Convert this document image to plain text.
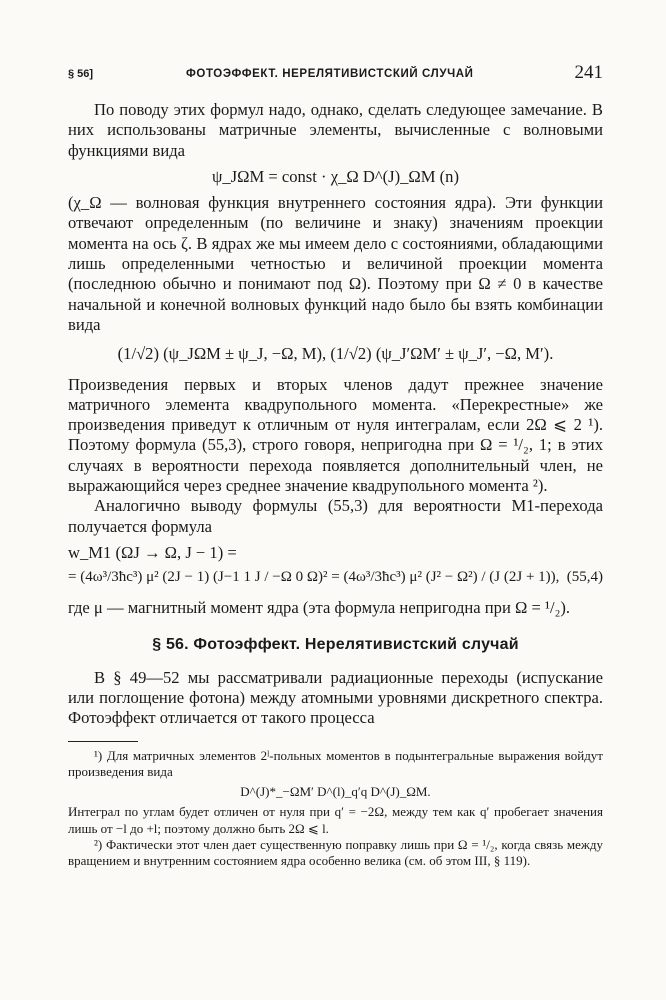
§ 56]	ФОТОЭФФЕКТ. НЕРЕЛЯТИВИСТСКИЙ СЛУЧАЙ	241

По поводу этих формул надо, однако, сделать следующее замечание. В них использованы матричные элементы, вычисленные с волновыми функциями вида

ψ_JΩM = const · χ_Ω D^(J)_ΩM (n)

(χ_Ω — волновая функция внутреннего состояния ядра). Эти функции отвечают определенным (по величине и знаку) значениям проекции момента на ось ζ. В ядрах же мы имеем дело с состояниями, обладающими лишь определенными четностью и величиной проекции момента (последнюю обычно и понимают под Ω). Поэтому при Ω ≠ 0 в качестве начальной и конечной волновых функций надо было бы взять комбинации вида

(1/√2) (ψ_JΩM ± ψ_J, −Ω, M), (1/√2) (ψ_J′ΩM′ ± ψ_J′, −Ω, M′).

Произведения первых и вторых членов дадут прежнее значение матричного элемента квадрупольного момента. «Перекрестные» же произведения приведут к отличным от нуля интегралам, если 2Ω ⩽ 2 ¹). Поэтому формула (55,3), строго говоря, непригодна при Ω = ¹/₂, 1; в этих случаях в вероятности перехода появляется дополнительный член, не выражающийся через среднее значение квадрупольного момента ²).

Аналогично выводу формулы (55,3) для вероятности M1-перехода получается формула

w_M1 (ΩJ → Ω, J − 1) =
= (4ω³/3ħc³) μ² (2J − 1) (J−1 1 J / −Ω 0 Ω)² = (4ω³/3ħc³) μ² (J² − Ω²) / (J (2J + 1)), (55,4)

где μ — магнитный момент ядра (эта формула непригодна при Ω = ¹/₂).

§ 56. Фотоэффект. Нерелятивистский случай

В § 49—52 мы рассматривали радиационные переходы (испускание или поглощение фотона) между атомными уровнями дискретного спектра. Фотоэффект отличается от такого процесса

¹) Для матричных элементов 2ˡ-польных моментов в подынтегральные выражения войдут произведения вида

D^(J)*_−ΩM′ D^(l)_q′q D^(J)_ΩM.

Интеграл по углам будет отличен от нуля при q′ = −2Ω, между тем как q′ пробегает значения лишь от −l до +l; поэтому должно быть 2Ω ⩽ l.

²) Фактически этот член дает существенную поправку лишь при Ω = ¹/₂, когда связь между вращением и внутренним состоянием ядра особенно велика (см. об этом III, § 119).
